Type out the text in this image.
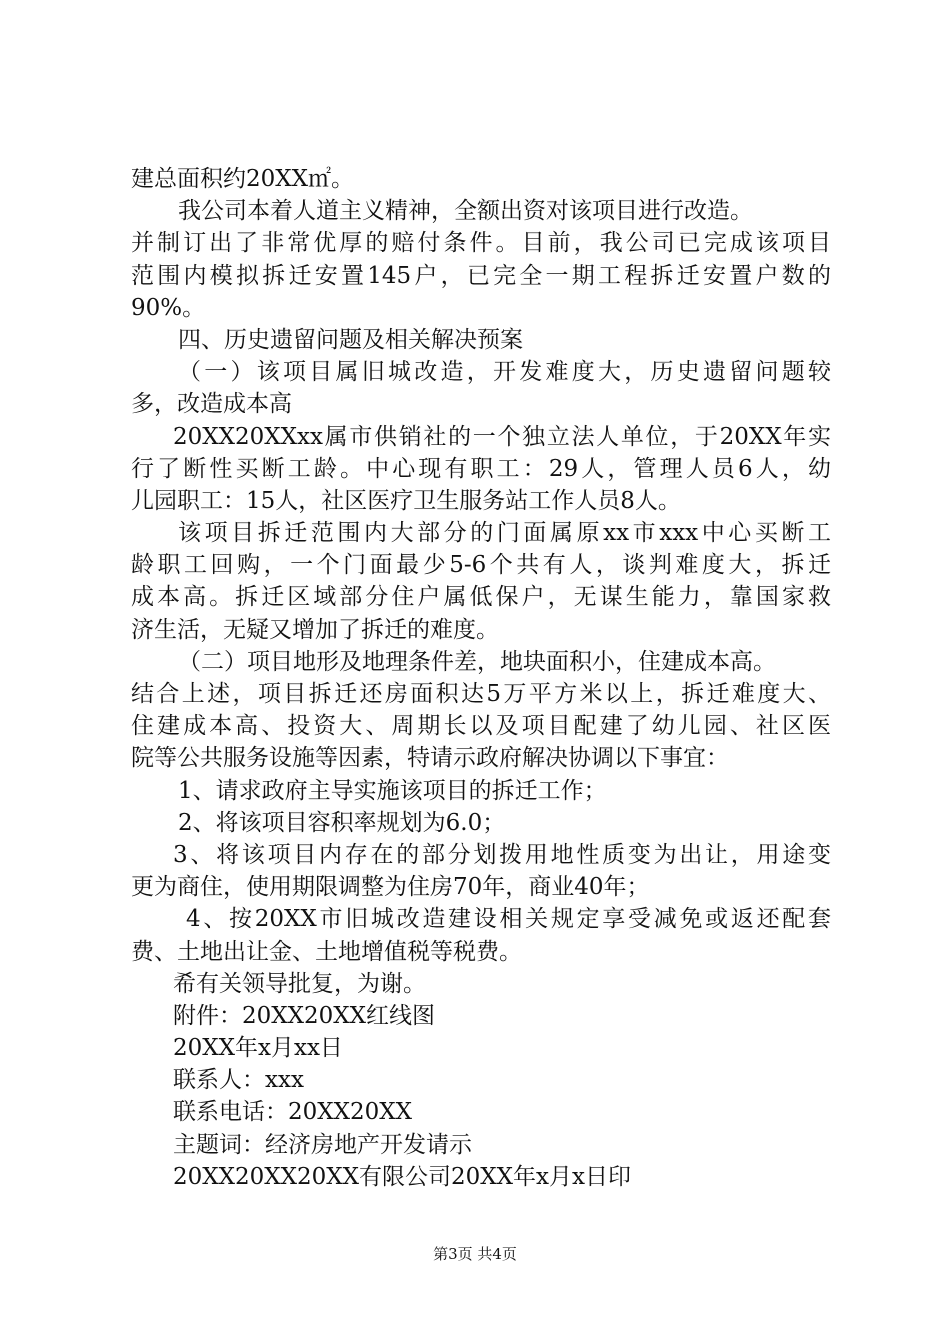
建总面积约20XX㎡。
我公司本着人道主义精神，全额出资对该项目进行改造。
并制订出了非常优厚的赔付条件。目前，我公司已完成该项目
范围内模拟拆迁安置145户，已完全一期工程拆迁安置户数的
90%。
四、历史遗留问题及相关解决预案
（一）该项目属旧城改造，开发难度大，历史遗留问题较
多，改造成本高
20XX20XXxx属市供销社的一个独立法人单位，于20XX年实
行了断性买断工龄。中心现有职工：29人，管理人员6人，幼
儿园职工：15人，社区医疗卫生服务站工作人员8人。
该项目拆迁范围内大部分的门面属原xx市xxx中心买断工
龄职工回购，一个门面最少5-6个共有人，谈判难度大，拆迁
成本高。拆迁区域部分住户属低保户，无谋生能力，靠国家救
济生活，无疑又增加了拆迁的难度。
（二）项目地形及地理条件差，地块面积小，住建成本高。
结合上述，项目拆迁还房面积达5万平方米以上，拆迁难度大、
住建成本高、投资大、周期长以及项目配建了幼儿园、社区医
院等公共服务设施等因素，特请示政府解决协调以下事宜：
1、请求政府主导实施该项目的拆迁工作；
2、将该项目容积率规划为6.0；
3、将该项目内存在的部分划拨用地性质变为出让，用途变
更为商住，使用期限调整为住房70年，商业40年；
4、按20XX市旧城改造建设相关规定享受减免或返还配套
费、土地出让金、土地增值税等税费。
希有关领导批复，为谢。
附件：20XX20XX红线图
20XX年x月xx日
联系人：xxx
联系电话：20XX20XX
主题词：经济房地产开发请示
20XX20XX20XX有限公司20XX年x月x日印
第3页 共4页
